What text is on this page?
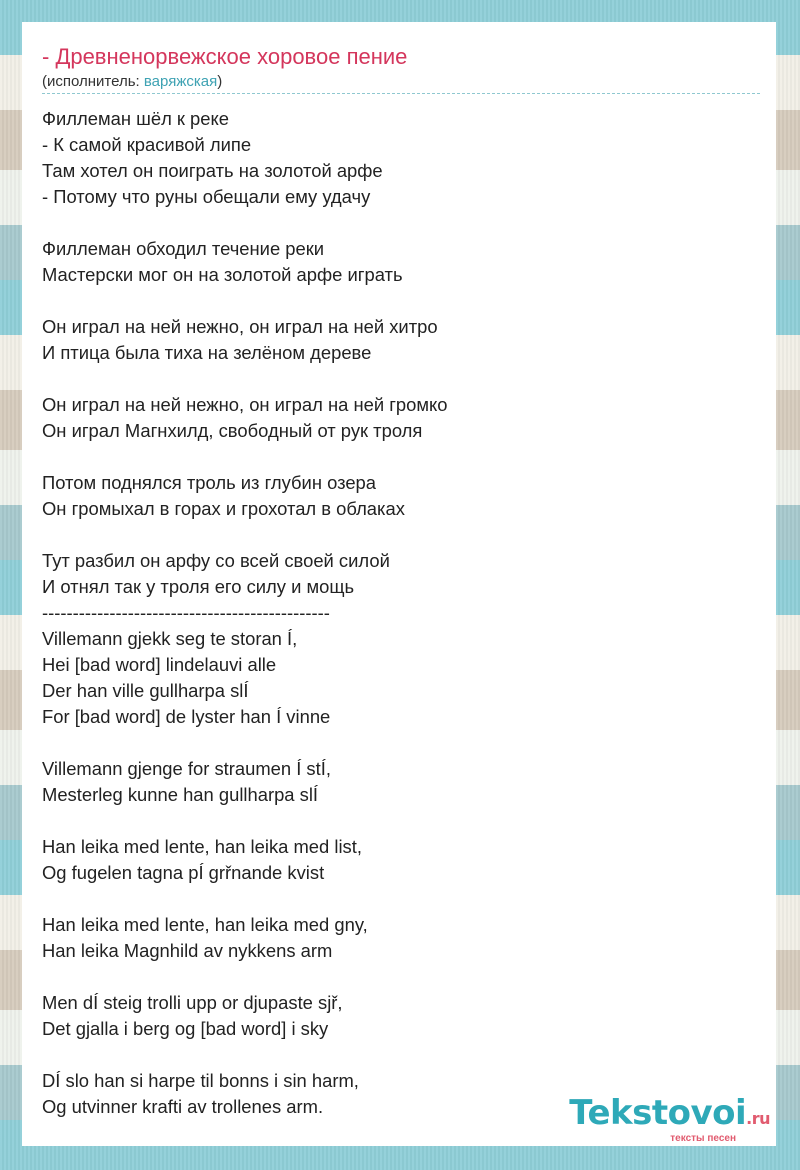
- Древненорвежское хоровое пение
(исполнитель: варяжская)
Филлеман шёл к реке
- К самой красивой липе
Там хотел он поиграть на золотой арфе
- Потому что руны обещали ему удачу
Филлеман обходил течение реки
Мастерски мог он на золотой арфе играть
Он играл на ней нежно, он играл на ней хитро
И птица была тиха на зелёном дереве
Он играл на ней нежно, он играл на ней громко
Он играл Магнхилд, свободный от рук троля
Потом поднялся троль из глубин озера
Он громыхал в горах и грохотал в облаках
Тут разбил он арфу со всей своей силой
И отнял так у троля его силу и мощь
-----------------------------------------------
Villemann gjekk seg te storan Í,
Hei [bad word] lindelauvi alle
Der han ville gullharpa slÍ
For [bad word] de lyster han Í vinne
Villemann gjenge for straumen Í stÍ,
Mesterleg kunne han gullharpa slÍ
Han leika med lente, han leika med list,
Og fugelen tagna pÍ grřnande kvist
Han leika med lente, han leika med gny,
Han leika Magnhild av nykkens arm
Men dÍ steig trolli upp or djupaste sjř,
Det gjalla i berg og [bad word] i sky
DÍ slo han si harpe til bonns i sin harm,
Og utvinner krafti av trollenes arm.	Tekstovoi.ru
тексты песен
